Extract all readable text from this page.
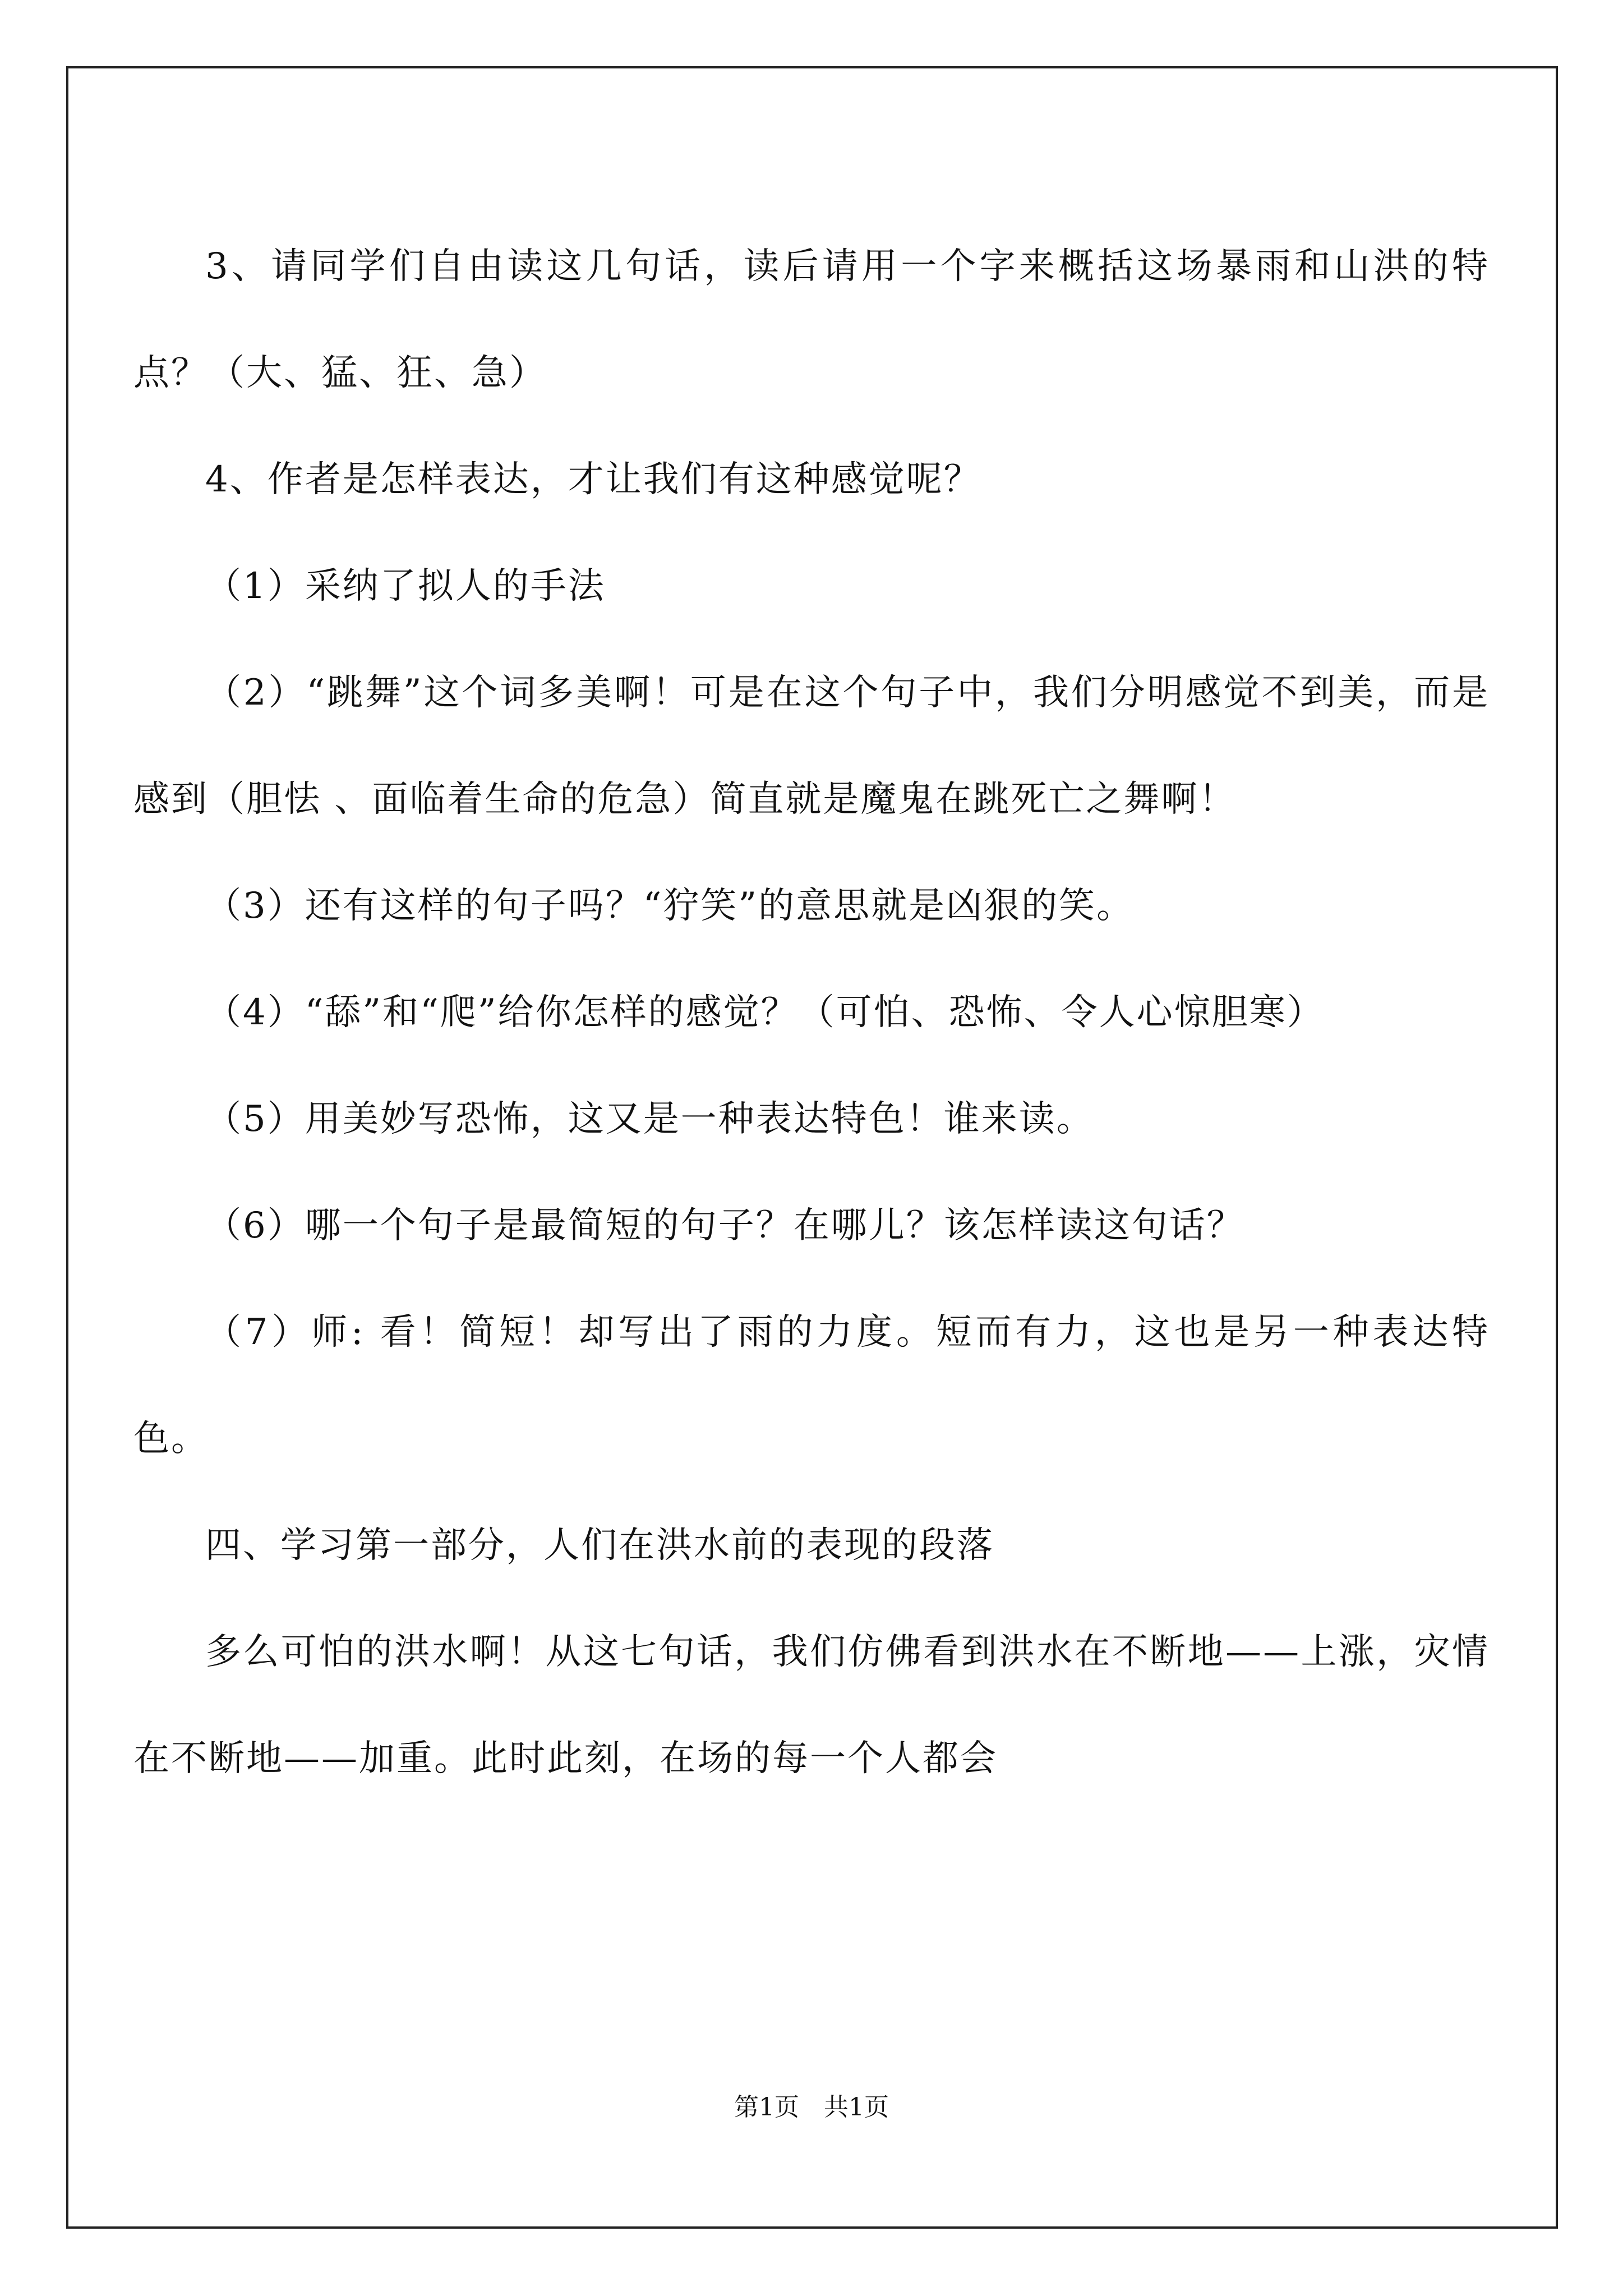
3、请同学们自由读这几句话，读后请用一个字来概括这场暴雨和山洪的特点？（大、猛、狂、急）

4、作者是怎样表达，才让我们有这种感觉呢？

（1）采纳了拟人的手法

（2）“跳舞”这个词多美啊！可是在这个句子中，我们分明感觉不到美，而是感到（胆怯 、面临着生命的危急）简直就是魔鬼在跳死亡之舞啊！

（3）还有这样的句子吗？“狞笑”的意思就是凶狠的笑。

（4）“舔”和“爬”给你怎样的感觉？（可怕、恐怖、令人心惊胆寒）

（5）用美妙写恐怖，这又是一种表达特色！谁来读。

（6）哪一个句子是最简短的句子？在哪儿？该怎样读这句话？

（7）师: 看！简短！却写出了雨的力度。短而有力，这也是另一种表达特色。

四、学习第一部分，人们在洪水前的表现的段落

多么可怕的洪水啊！从这七句话，我们仿佛看到洪水在不断地——上涨，灾情在不断地——加重。此时此刻，在场的每一个人都会

第1页　共1页
